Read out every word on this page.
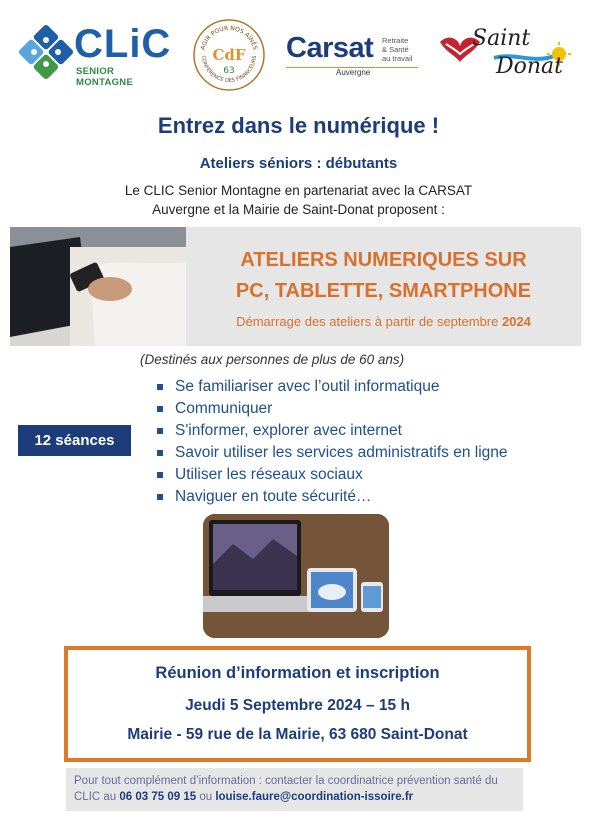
CLiC
SENIOR MONTAGNE
AGIR POUR NOS AÎNÉS
CONFÉRENCE DES FINANCEURS
CdF
63
Carsat Retraite
& Santé
au travail
Auvergne
Saint
Donat
Entrez dans le numérique !
Ateliers séniors : débutants
Le CLIC Senior Montagne en partenariat avec la CARSAT
Auvergne et la Mairie de Saint-Donat proposent :
ATELIERS NUMERIQUES SUR
PC, TABLETTE, SMARTPHONE
Démarrage des ateliers à partir de septembre 2024
(Destinés aux personnes de plus de 60 ans)
12 séances
Se familiariser avec l’outil informatique
Communiquer
S'informer, explorer avec internet
Savoir utiliser les services administratifs en ligne
Utiliser les réseaux sociaux
Naviguer en toute sécurité…
Réunion d’information et inscription
Jeudi 5 Septembre 2024 – 15 h
Mairie - 59 rue de la Mairie, 63 680 Saint-Donat
Pour tout complément d’information : contacter la coordinatrice prévention santé du CLIC au 06 03 75 09 15 ou louise.faure@coordination-issoire.fr
